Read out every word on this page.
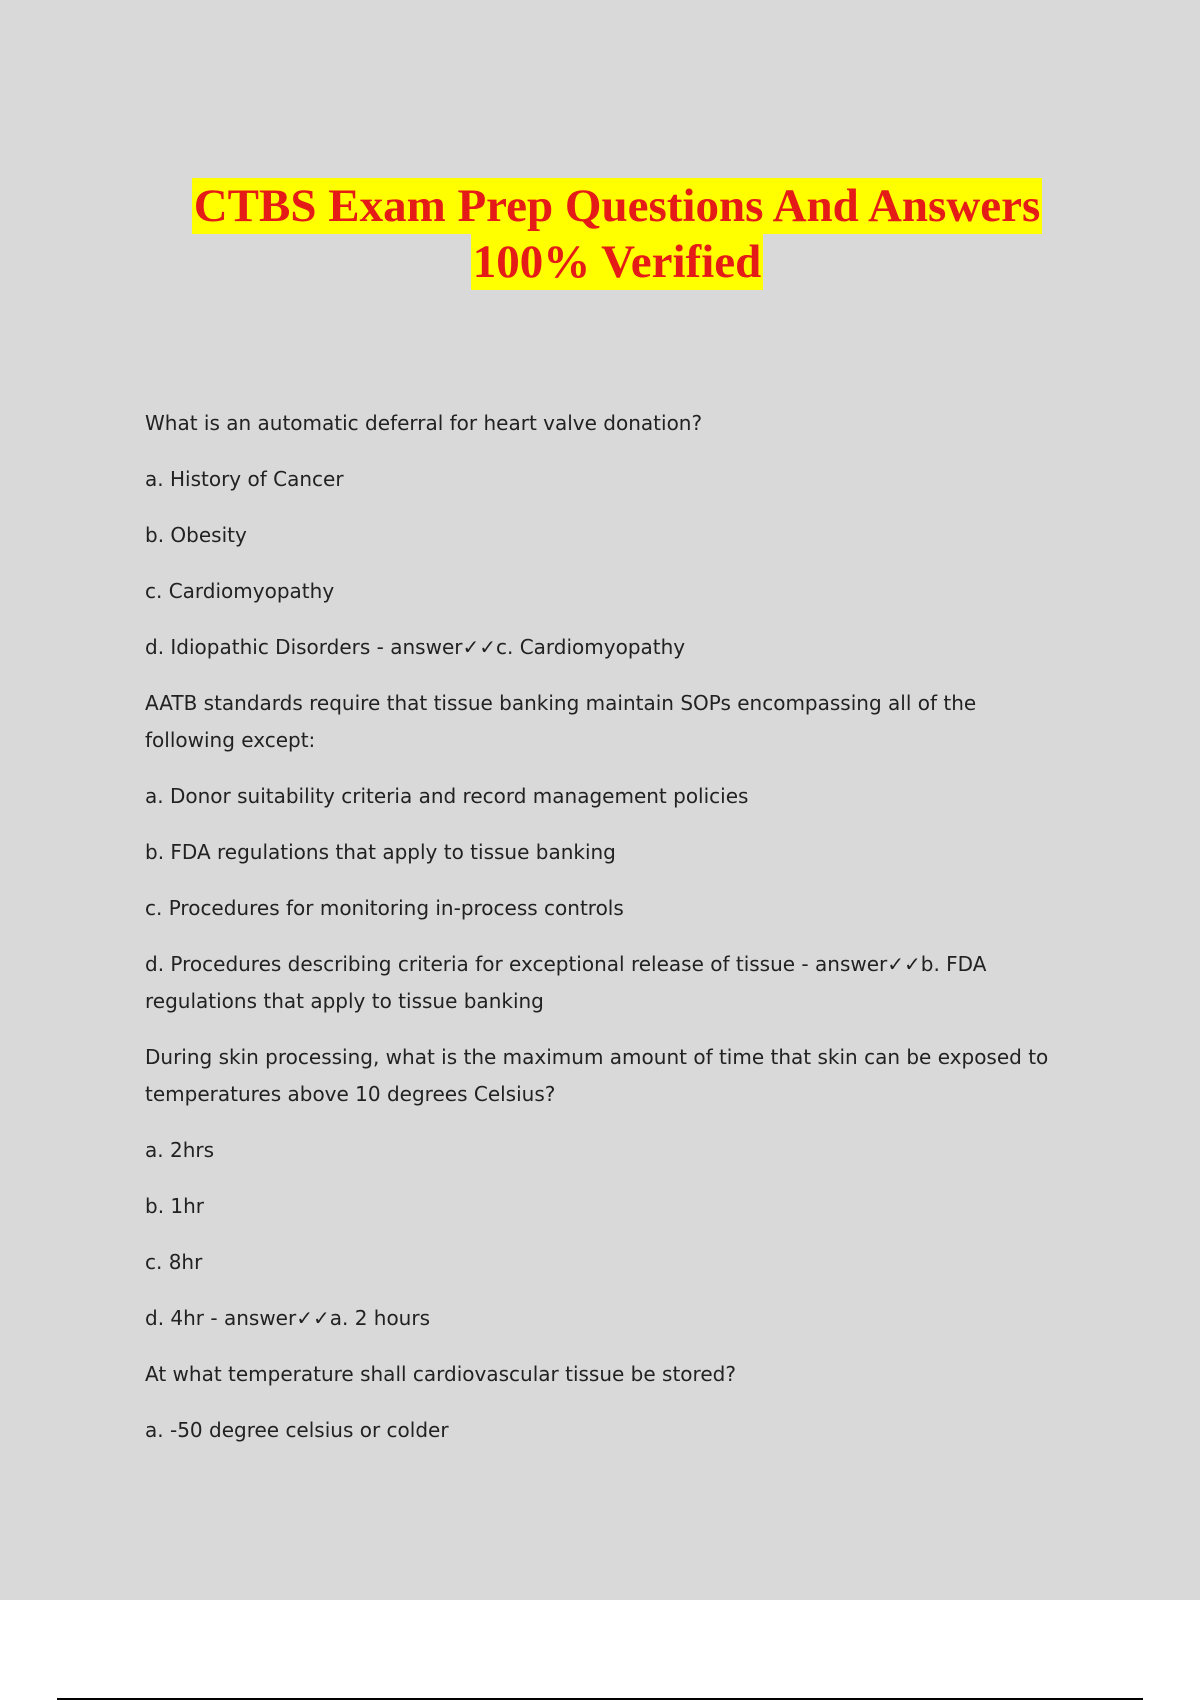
CTBS Exam Prep Questions And Answers
100% Verified

What is an automatic deferral for heart valve donation?

a. History of Cancer

b. Obesity

c. Cardiomyopathy

d. Idiopathic Disorders - answer✓✓c. Cardiomyopathy

AATB standards require that tissue banking maintain SOPs encompassing all of the following except:

a. Donor suitability criteria and record management policies

b. FDA regulations that apply to tissue banking

c. Procedures for monitoring in-process controls

d. Procedures describing criteria for exceptional release of tissue - answer✓✓b. FDA regulations that apply to tissue banking

During skin processing, what is the maximum amount of time that skin can be exposed to temperatures above 10 degrees Celsius?

a. 2hrs

b. 1hr

c. 8hr

d. 4hr - answer✓✓a. 2 hours

At what temperature shall cardiovascular tissue be stored?

a. -50 degree celsius or colder
